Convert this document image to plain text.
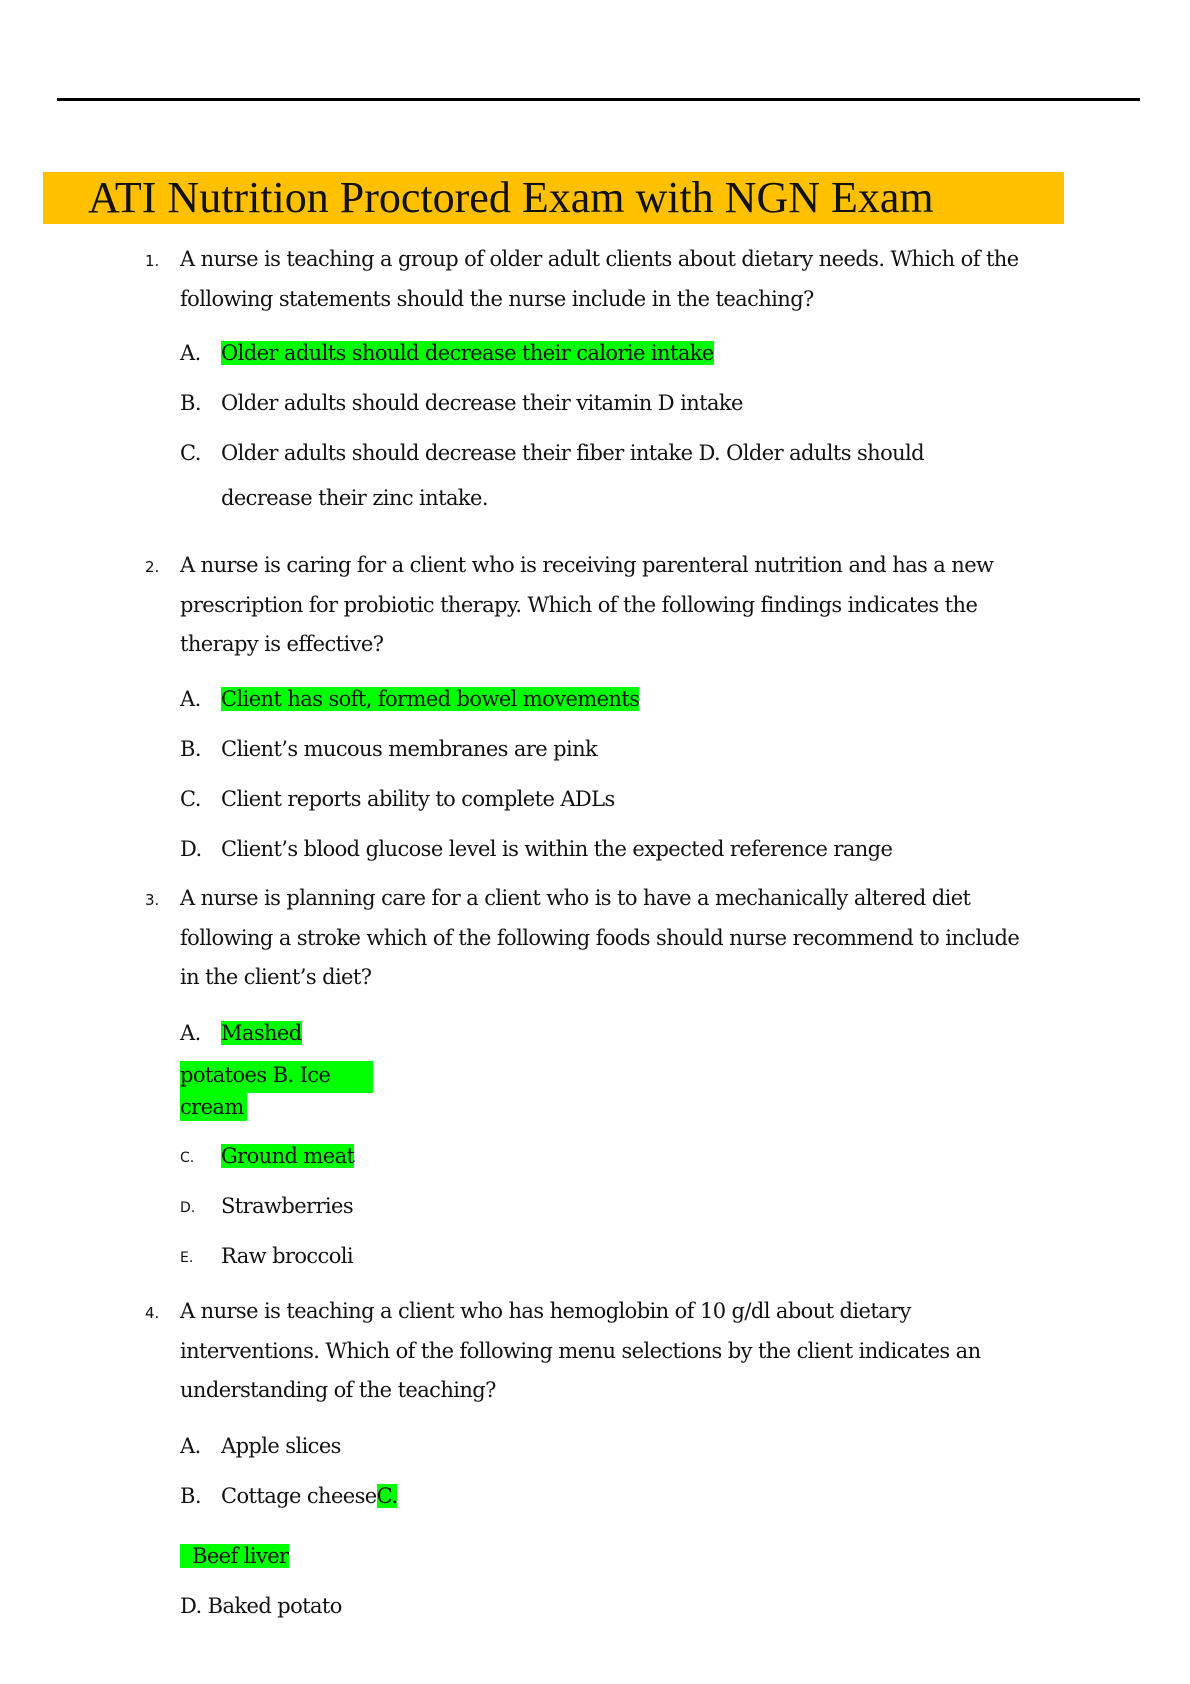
ATI Nutrition Proctored Exam with NGN Exam
1. A nurse is teaching a group of older adult clients about dietary needs. Which of the following statements should the nurse include in the teaching?
A. Older adults should decrease their calorie intake
B. Older adults should decrease their vitamin D intake
C. Older adults should decrease their fiber intake D. Older adults should
decrease their zinc intake.
2. A nurse is caring for a client who is receiving parenteral nutrition and has a new prescription for probiotic therapy. Which of the following findings indicates the therapy is effective?
A. Client has soft, formed bowel movements
B. Client’s mucous membranes are pink
C. Client reports ability to complete ADLs
D. Client’s blood glucose level is within the expected reference range
3. A nurse is planning care for a client who is to have a mechanically altered diet following a stroke which of the following foods should nurse recommend to include in the client’s diet?
A. Mashed
potatoes B. Ice
cream
C. Ground meat
D. Strawberries
E. Raw broccoli
4. A nurse is teaching a client who has hemoglobin of 10 g/dl about dietary interventions. Which of the following menu selections by the client indicates an understanding of the teaching?
A. Apple slices
B. Cottage cheeseC.
Beef liver
D. Baked potato
